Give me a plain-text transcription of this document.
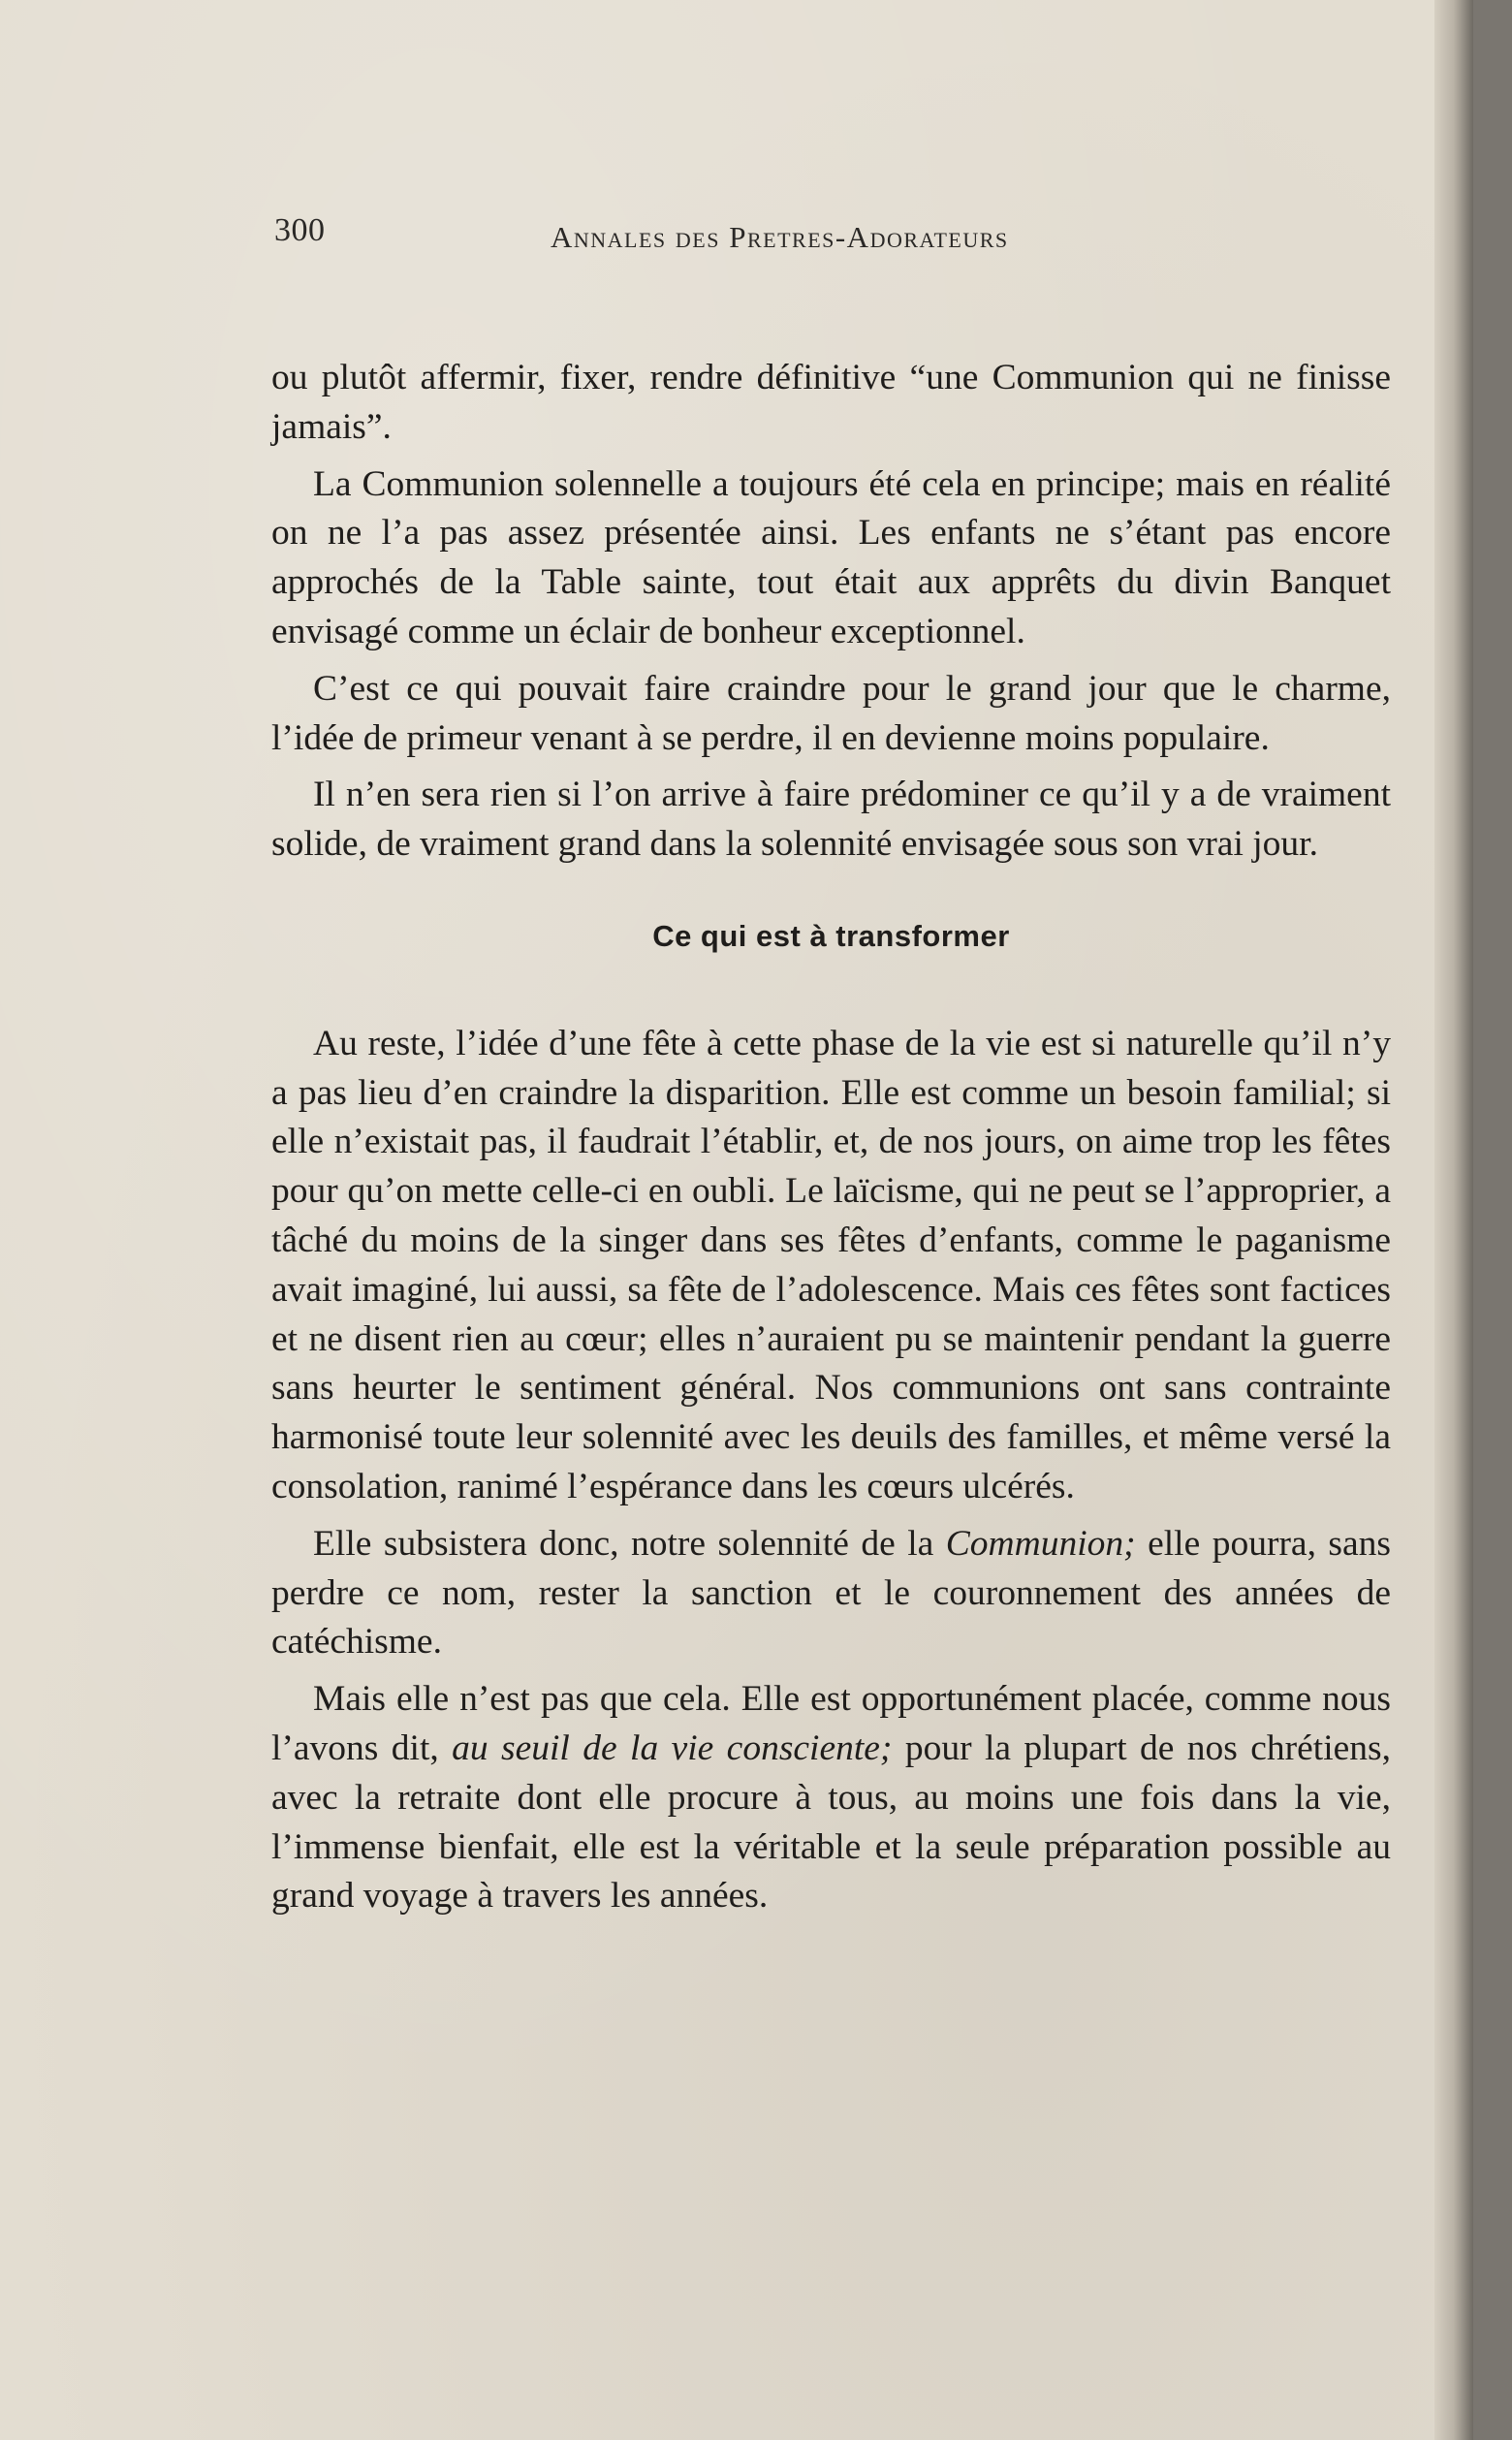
300	Annales des Pretres-Adorateurs

ou plutôt affermir, fixer, rendre définitive “une Communion qui ne finisse jamais”.

La Communion solennelle a toujours été cela en principe; mais en réalité on ne l’a pas assez présentée ainsi. Les enfants ne s’étant pas encore approchés de la Table sainte, tout était aux apprêts du divin Banquet envisagé comme un éclair de bonheur exceptionnel.

C’est ce qui pouvait faire craindre pour le grand jour que le charme, l’idée de primeur venant à se perdre, il en devienne moins populaire.

Il n’en sera rien si l’on arrive à faire prédominer ce qu’il y a de vraiment solide, de vraiment grand dans la solennité envisagée sous son vrai jour.

Ce qui est à transformer

Au reste, l’idée d’une fête à cette phase de la vie est si naturelle qu’il n’y a pas lieu d’en craindre la disparition. Elle est comme un besoin familial; si elle n’existait pas, il faudrait l’établir, et, de nos jours, on aime trop les fêtes pour qu’on mette celle-ci en oubli. Le laïcisme, qui ne peut se l’approprier, a tâché du moins de la singer dans ses fêtes d’enfants, comme le paganisme avait imaginé, lui aussi, sa fête de l’adolescence. Mais ces fêtes sont factices et ne disent rien au cœur; elles n’auraient pu se maintenir pendant la guerre sans heurter le sentiment général. Nos communions ont sans contrainte harmonisé toute leur solennité avec les deuils des familles, et même versé la consolation, ranimé l’espérance dans les cœurs ulcérés.

Elle subsistera donc, notre solennité de la Communion; elle pourra, sans perdre ce nom, rester la sanction et le couronnement des années de catéchisme.

Mais elle n’est pas que cela. Elle est opportunément placée, comme nous l’avons dit, au seuil de la vie consciente; pour la plupart de nos chrétiens, avec la retraite dont elle procure à tous, au moins une fois dans la vie, l’immense bienfait, elle est la véritable et la seule préparation possible au grand voyage à travers les années.
